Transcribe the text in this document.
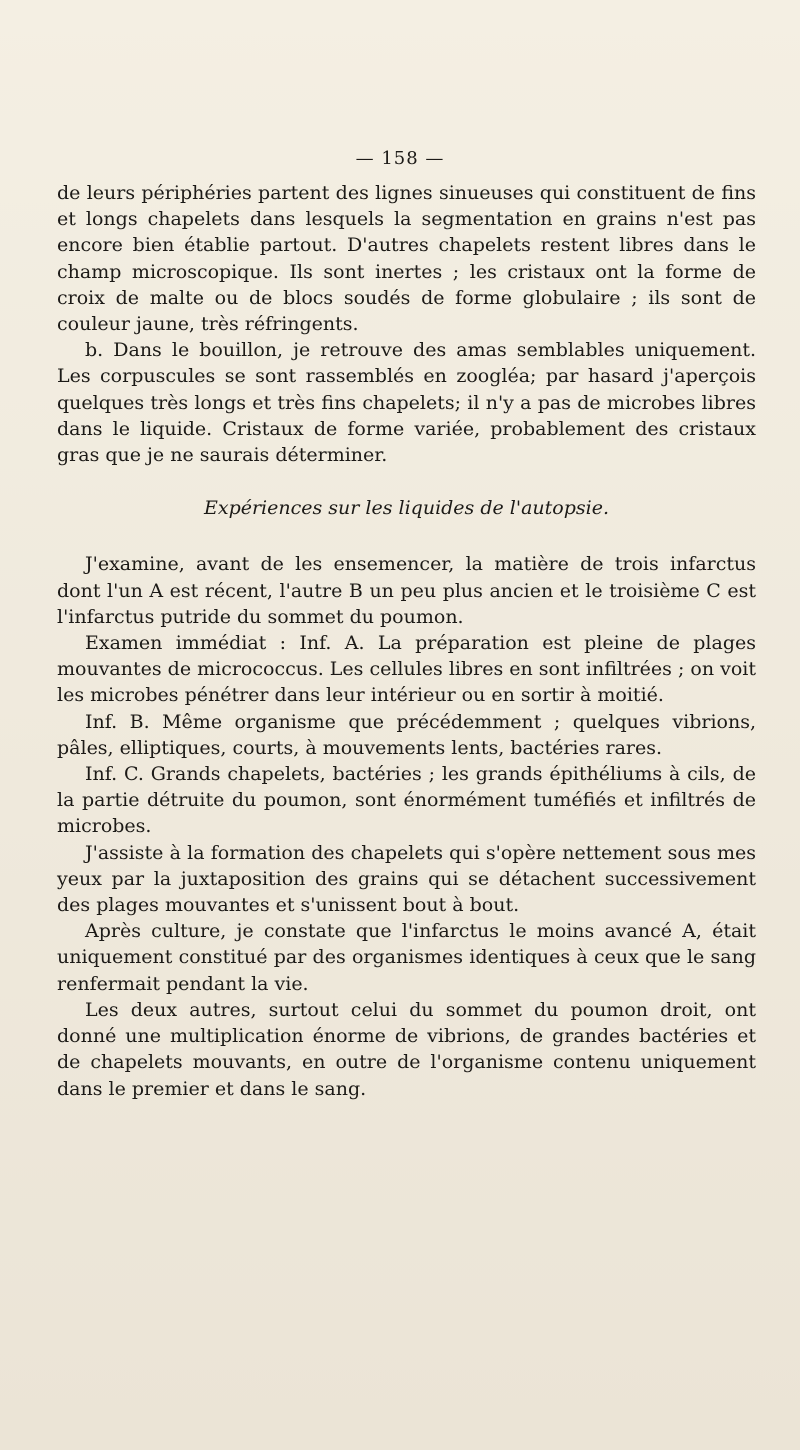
— 158 —

de leurs périphéries partent des lignes sinueuses qui constituent de fins et longs chapelets dans lesquels la segmentation en grains n'est pas encore bien établie partout. D'autres chapelets restent libres dans le champ microscopique. Ils sont inertes ; les cristaux ont la forme de croix de malte ou de blocs soudés de forme globulaire ; ils sont de couleur jaune, très réfringents.

b. Dans le bouillon, je retrouve des amas semblables uniquement. Les corpuscules se sont rassemblés en zoogléa; par hasard j'aperçois quelques très longs et très fins chapelets; il n'y a pas de microbes libres dans le liquide. Cristaux de forme variée, probablement des cristaux gras que je ne saurais déterminer.

Expériences sur les liquides de l'autopsie.

J'examine, avant de les ensemencer, la matière de trois infarctus dont l'un A est récent, l'autre B un peu plus ancien et le troisième C est l'infarctus putride du sommet du poumon.

Examen immédiat : Inf. A. La préparation est pleine de plages mouvantes de micrococcus. Les cellules libres en sont infiltrées ; on voit les microbes pénétrer dans leur intérieur ou en sortir à moitié.

Inf. B. Même organisme que précédemment ; quelques vibrions, pâles, elliptiques, courts, à mouvements lents, bactéries rares.

Inf. C. Grands chapelets, bactéries ; les grands épithéliums à cils, de la partie détruite du poumon, sont énormément tuméfiés et infiltrés de microbes.

J'assiste à la formation des chapelets qui s'opère nettement sous mes yeux par la juxtaposition des grains qui se détachent successivement des plages mouvantes et s'unissent bout à bout.

Après culture, je constate que l'infarctus le moins avancé A, était uniquement constitué par des organismes identiques à ceux que le sang renfermait pendant la vie.

Les deux autres, surtout celui du sommet du poumon droit, ont donné une multiplication énorme de vibrions, de grandes bactéries et de chapelets mouvants, en outre de l'organisme contenu uniquement dans le premier et dans le sang.
